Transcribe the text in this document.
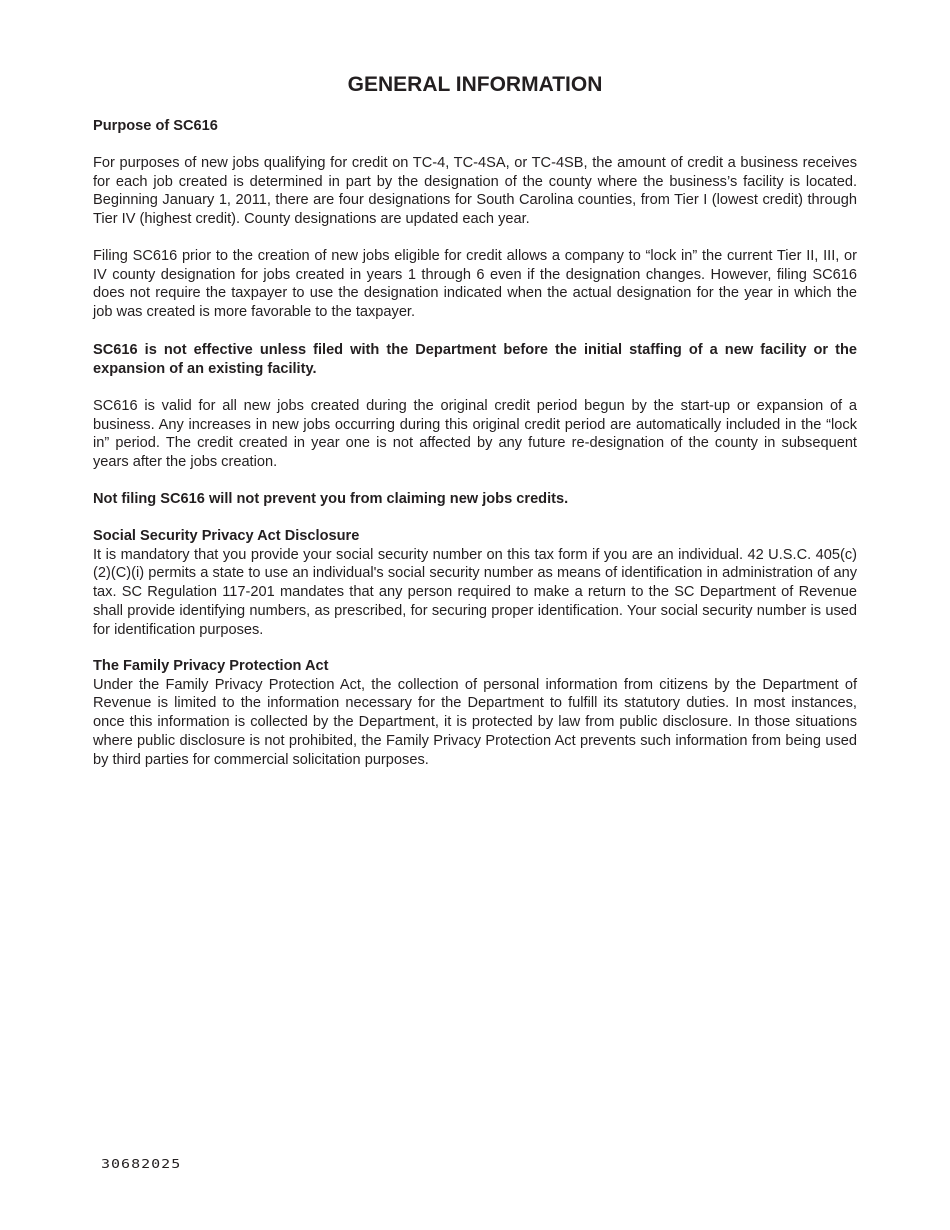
GENERAL INFORMATION

Purpose of SC616

For purposes of new jobs qualifying for credit on TC-4, TC-4SA, or TC-4SB, the amount of credit a business receives for each job created is determined in part by the designation of the county where the business’s facility is located. Beginning January 1, 2011, there are four designations for South Carolina counties, from Tier I (lowest credit) through Tier IV (highest credit). County designations are updated each year.

Filing SC616 prior to the creation of new jobs eligible for credit allows a company to “lock in” the current Tier II, III, or IV county designation for jobs created in years 1 through 6 even if the designation changes. However, filing SC616 does not require the taxpayer to use the designation indicated when the actual designation for the year in which the job was created is more favorable to the taxpayer.

SC616 is not effective unless filed with the Department before the initial staffing of a new facility or the expansion of an existing facility.

SC616 is valid for all new jobs created during the original credit period begun by the start-up or expansion of a business. Any increases in new jobs occurring during this original credit period are automatically included in the “lock in” period. The credit created in year one is not affected by any future re-designation of the county in subsequent years after the jobs creation.

Not filing SC616 will not prevent you from claiming new jobs credits.

Social Security Privacy Act Disclosure
It is mandatory that you provide your social security number on this tax form if you are an individual. 42 U.S.C. 405(c)(2)(C)(i) permits a state to use an individual's social security number as means of identification in administration of any tax. SC Regulation 117-201 mandates that any person required to make a return to the SC Department of Revenue shall provide identifying numbers, as prescribed, for securing proper identification. Your social security number is used for identification purposes.
The Family Privacy Protection Act
Under the Family Privacy Protection Act, the collection of personal information from citizens by the Department of Revenue is limited to the information necessary for the Department to fulfill its statutory duties. In most instances, once this information is collected by the Department, it is protected by law from public disclosure. In those situations where public disclosure is not prohibited, the Family Privacy Protection Act prevents such information from being used by third parties for commercial solicitation purposes.

30682025
